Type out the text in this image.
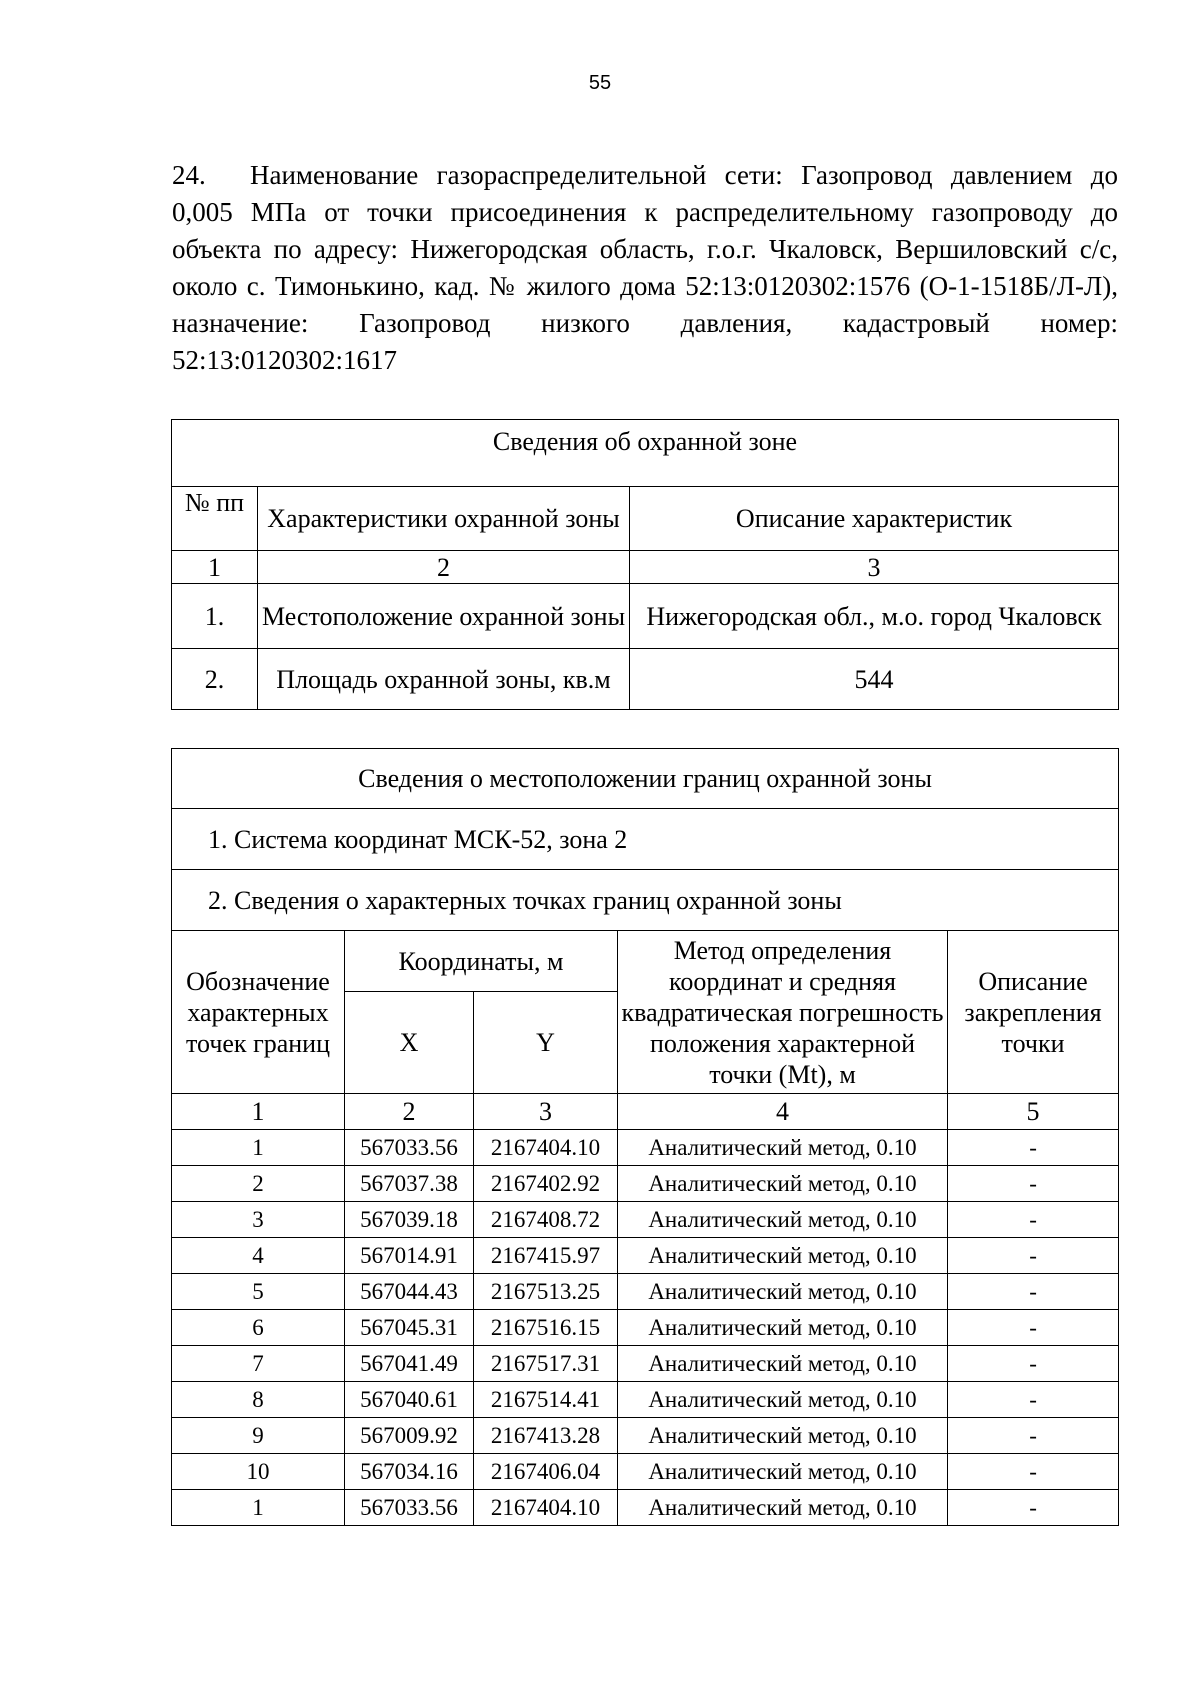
55
24. Наименование газораспределительной сети: Газопровод давлением до 0,005 МПа от точки присоединения к распределительному газопроводу до объекта по адресу: Нижегородская область, г.о.г. Чкаловск, Вершиловский с/с, около с. Тимонькино, кад. № жилого дома 52:13:0120302:1576 (О-1-1518Б/Л-Л), назначение: Газопровод низкого давления, кадастровый номер: 52:13:0120302:1617
Сведения об охранной зоне		
№ пп	Характеристики охранной зоны	Описание характеристик
1	2	3
1.	Местоположение охранной зоны	Нижегородская обл., м.о. город Чкаловск
2.	Площадь охранной зоны, кв.м	544
Сведения о местоположении границ охранной зоны				
1. Система координат МСК-52, зона 2				
2. Сведения о характерных точках границ охранной зоны				
Обозначение характерных точек границ	Координаты, м		Метод определения координат и средняя квадратическая погрешность положения характерной точки (Mt), м	Описание закрепления точки
	X	Y		
1	2	3	4	5
1	567033.56	2167404.10	Аналитический метод, 0.10	-
2	567037.38	2167402.92	Аналитический метод, 0.10	-
3	567039.18	2167408.72	Аналитический метод, 0.10	-
4	567014.91	2167415.97	Аналитический метод, 0.10	-
5	567044.43	2167513.25	Аналитический метод, 0.10	-
6	567045.31	2167516.15	Аналитический метод, 0.10	-
7	567041.49	2167517.31	Аналитический метод, 0.10	-
8	567040.61	2167514.41	Аналитический метод, 0.10	-
9	567009.92	2167413.28	Аналитический метод, 0.10	-
10	567034.16	2167406.04	Аналитический метод, 0.10	-
1	567033.56	2167404.10	Аналитический метод, 0.10	-
